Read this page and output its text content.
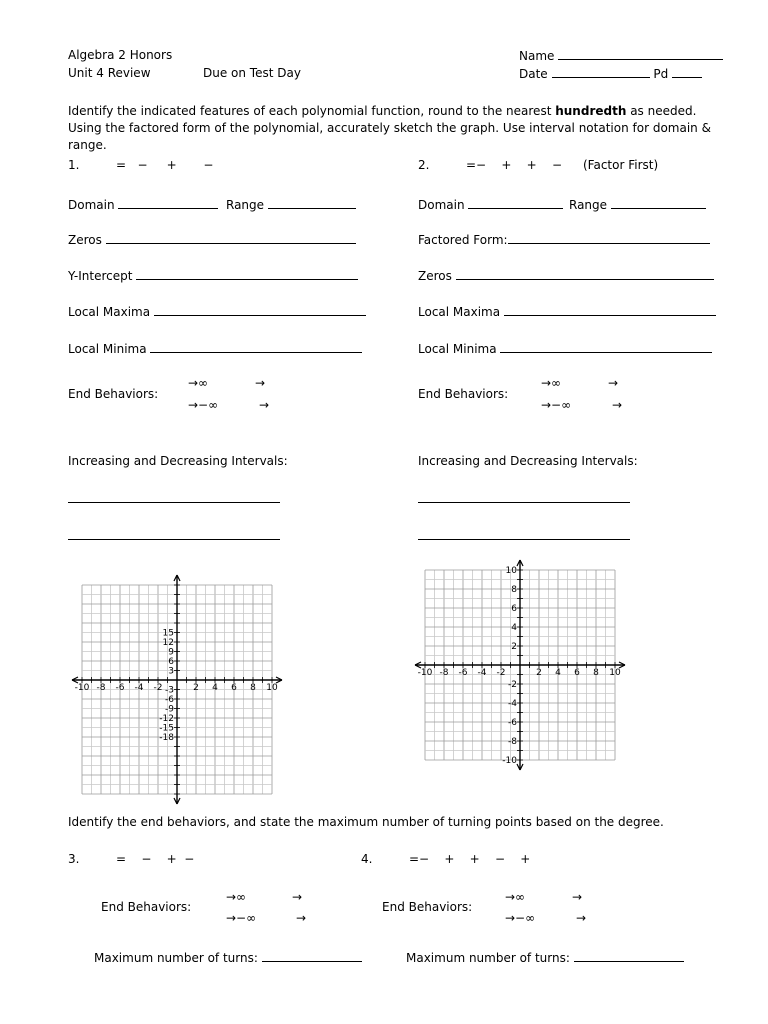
Algebra 2 Honors
Unit 4 Review	Due on Test Day
Name
Date	Pd
Identify the indicated features of each polynomial function, round to the nearest hundredth as needed. Using the factored form of the polynomial, accurately sketch the graph. Use interval notation for domain & range.
1.	=   −     +       −
Domain	Range
Zeros
Y-Intercept
Local Maxima
Local Minima
End Behaviors:
→∞	→
→−∞	→
Increasing and Decreasing Intervals:
2.	=−    +    +    − (Factor First)
Domain	Range
Factored Form:
Zeros
Local Maxima
Local Minima
End Behaviors:
→∞	→
→−∞	→
Increasing and Decreasing Intervals:
-10 -8 -6 -4 -2	2 4 6 8 10
15
12
9
6
3
-3
-6
-9
-12
-15
-18
-10 -8 -6 -4 -2	2 4 6 8 10
10
8
6
4
2
-2
-4
-6
-8
-10
Identify the end behaviors, and state the maximum number of turning points based on the degree.
3.	=    −    +  −
End Behaviors:
→∞	→
→−∞	→
Maximum number of turns:
4.	=−    +    +    −    +
End Behaviors:
→∞	→
→−∞	→
Maximum number of turns:
